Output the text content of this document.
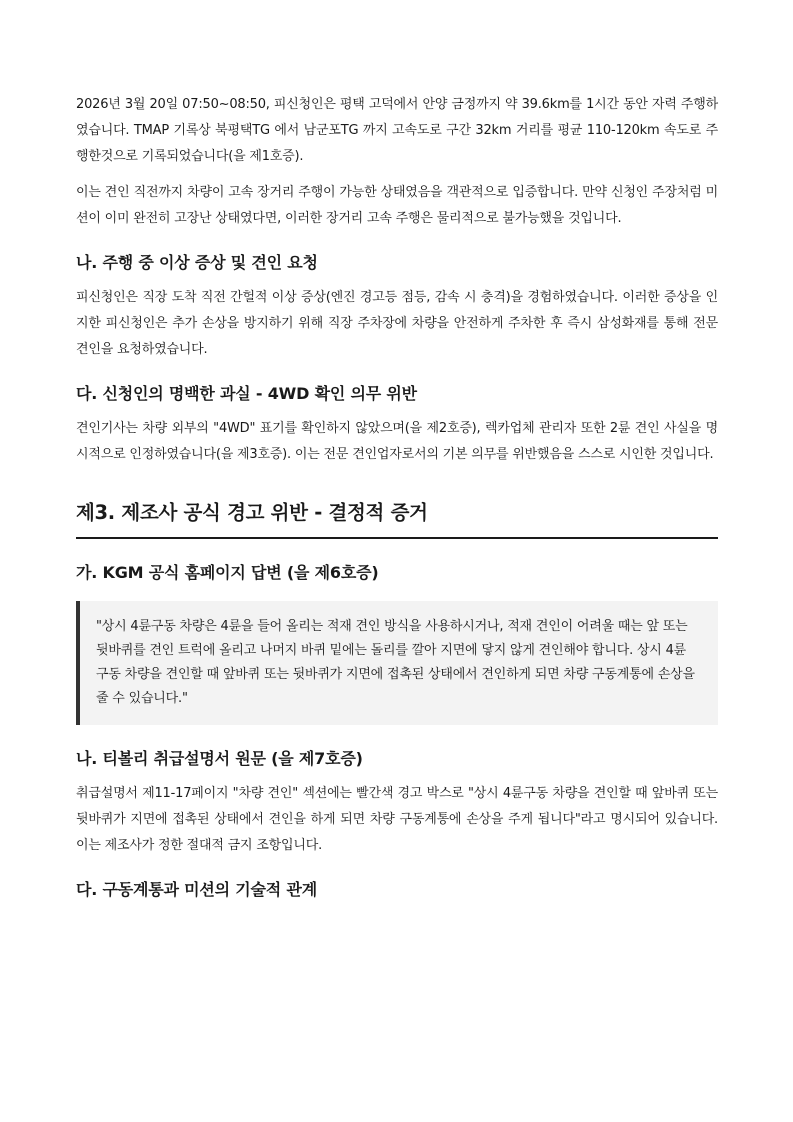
2026년 3월 20일 07:50~08:50, 피신청인은 평택 고덕에서 안양 금정까지 약 39.6km를 1시간 동안 자력 주행하였습니다. TMAP 기록상 북평택TG 에서 남군포TG 까지 고속도로 구간 32km 거리를 평균 110-120km 속도로 주행한것으로 기록되었습니다(을 제1호증).

이는 견인 직전까지 차량이 고속 장거리 주행이 가능한 상태였음을 객관적으로 입증합니다. 만약 신청인 주장처럼 미션이 이미 완전히 고장난 상태였다면, 이러한 장거리 고속 주행은 물리적으로 불가능했을 것입니다.

나. 주행 중 이상 증상 및 견인 요청

피신청인은 직장 도착 직전 간헐적 이상 증상(엔진 경고등 점등, 감속 시 충격)을 경험하였습니다. 이러한 증상을 인지한 피신청인은 추가 손상을 방지하기 위해 직장 주차장에 차량을 안전하게 주차한 후 즉시 삼성화재를 통해 전문 견인을 요청하였습니다.

다. 신청인의 명백한 과실 - 4WD 확인 의무 위반

견인기사는 차량 외부의 "4WD" 표기를 확인하지 않았으며(을 제2호증), 렉카업체 관리자 또한 2륜 견인 사실을 명시적으로 인정하였습니다(을 제3호증). 이는 전문 견인업자로서의 기본 의무를 위반했음을 스스로 시인한 것입니다.

제3. 제조사 공식 경고 위반 - 결정적 증거
가. KGM 공식 홈페이지 답변 (을 제6호증)

"상시 4륜구동 차량은 4륜을 들어 올리는 적재 견인 방식을 사용하시거나, 적재 견인이 어려울 때는 앞 또는 뒷바퀴를 견인 트럭에 올리고 나머지 바퀴 밑에는 돌리를 깔아 지면에 닿지 않게 견인해야 합니다. 상시 4륜구동 차량을 견인할 때 앞바퀴 또는 뒷바퀴가 지면에 접촉된 상태에서 견인하게 되면 차량 구동계통에 손상을 줄 수 있습니다."

나. 티볼리 취급설명서 원문 (을 제7호증)

취급설명서 제11-17페이지 "차량 견인" 섹션에는 빨간색 경고 박스로 "상시 4륜구동 차량을 견인할 때 앞바퀴 또는 뒷바퀴가 지면에 접촉된 상태에서 견인을 하게 되면 차량 구동계통에 손상을 주게 됩니다"라고 명시되어 있습니다. 이는 제조사가 정한 절대적 금지 조항입니다.

다. 구동계통과 미션의 기술적 관계
